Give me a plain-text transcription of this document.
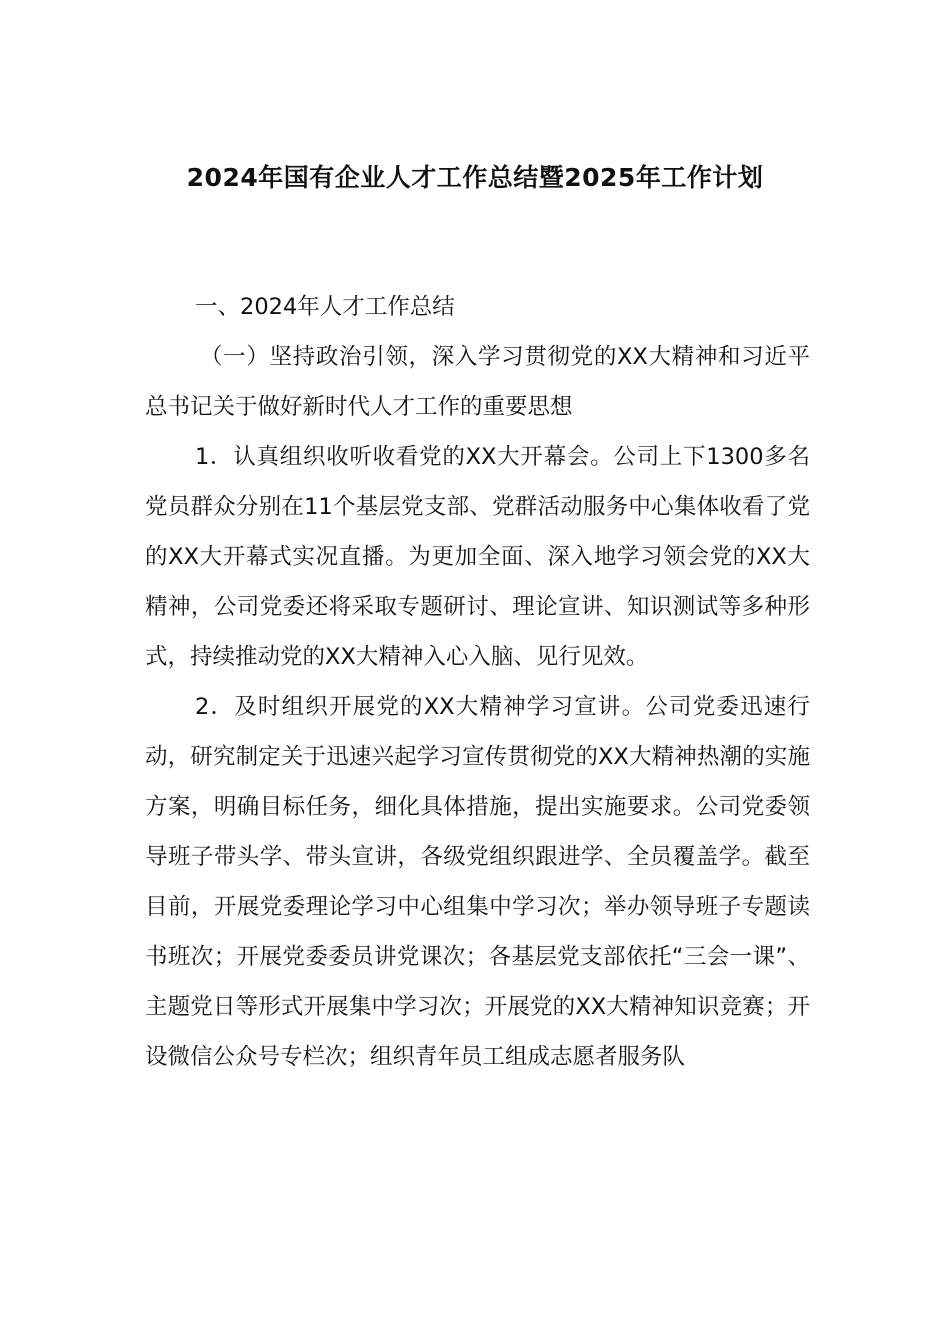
2024年国有企业人才工作总结暨2025年工作计划

一、2024年人才工作总结

（一）坚持政治引领，深入学习贯彻党的XX大精神和习近平总书记关于做好新时代人才工作的重要思想

1．认真组织收听收看党的XX大开幕会。公司上下1300多名党员群众分别在11个基层党支部、党群活动服务中心集体收看了党的XX大开幕式实况直播。为更加全面、深入地学习领会党的XX大精神，公司党委还将采取专题研讨、理论宣讲、知识测试等多种形式，持续推动党的XX大精神入心入脑、见行见效。

2．及时组织开展党的XX大精神学习宣讲。公司党委迅速行动，研究制定关于迅速兴起学习宣传贯彻党的XX大精神热潮的实施方案，明确目标任务，细化具体措施，提出实施要求。公司党委领导班子带头学、带头宣讲，各级党组织跟进学、全员覆盖学。截至目前，开展党委理论学习中心组集中学习次；举办领导班子专题读书班次；开展党委委员讲党课次；各基层党支部依托“三会一课”、主题党日等形式开展集中学习次；开展党的XX大精神知识竞赛；开设微信公众号专栏次；组织青年员工组成志愿者服务队
